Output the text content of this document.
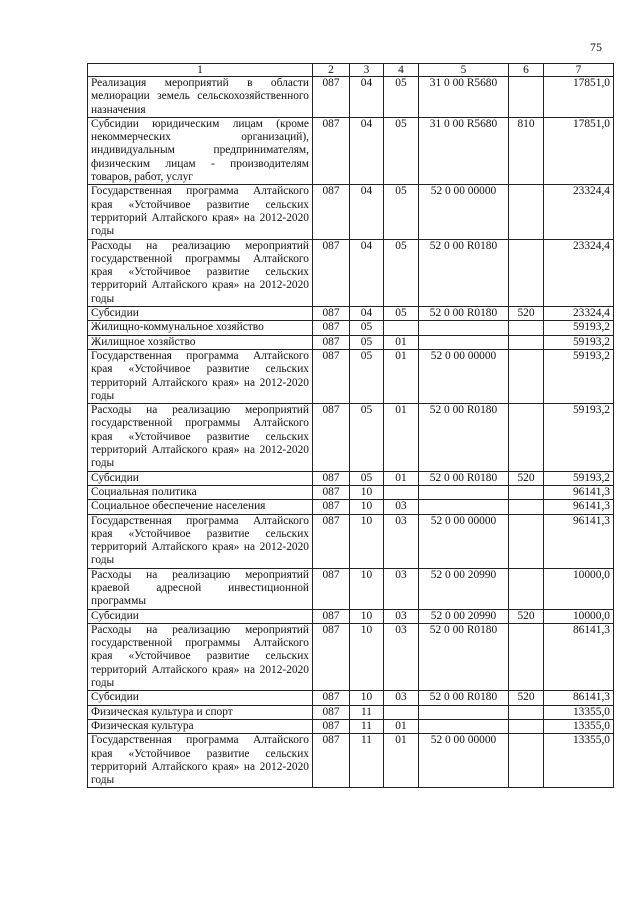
75
1	2	3	4	5	6	7
Реализация мероприятий в области мелиорации земель сельскохозяйственного назначения	087	04	05	31 0 00 R5680		17851,0
Субсидии юридическим лицам (кроме некоммерческих организаций), индивидуальным предпринимателям, физическим лицам - производителям товаров, работ, услуг	087	04	05	31 0 00 R5680	810	17851,0
Государственная программа Алтайского края «Устойчивое развитие сельских территорий Алтайского края» на 2012-2020 годы	087	04	05	52 0 00 00000		23324,4
Расходы на реализацию мероприятий государственной программы Алтайского края «Устойчивое развитие сельских территорий Алтайского края» на 2012-2020 годы	087	04	05	52 0 00 R0180		23324,4
Субсидии	087	04	05	52 0 00 R0180	520	23324,4
Жилищно-коммунальное хозяйство	087	05				59193,2
Жилищное хозяйство	087	05	01			59193,2
Государственная программа Алтайского края «Устойчивое развитие сельских территорий Алтайского края» на 2012-2020 годы	087	05	01	52 0 00 00000		59193,2
Расходы на реализацию мероприятий государственной программы Алтайского края «Устойчивое развитие сельских территорий Алтайского края» на 2012-2020 годы	087	05	01	52 0 00 R0180		59193,2
Субсидии	087	05	01	52 0 00 R0180	520	59193,2
Социальная политика	087	10				96141,3
Социальное обеспечение населения	087	10	03			96141,3
Государственная программа Алтайского края «Устойчивое развитие сельских территорий Алтайского края» на 2012-2020 годы	087	10	03	52 0 00 00000		96141,3
Расходы на реализацию мероприятий краевой адресной инвестиционной программы	087	10	03	52 0 00 20990		10000,0
Субсидии	087	10	03	52 0 00 20990	520	10000,0
Расходы на реализацию мероприятий государственной программы Алтайского края «Устойчивое развитие сельских территорий Алтайского края» на 2012-2020 годы	087	10	03	52 0 00 R0180		86141,3
Субсидии	087	10	03	52 0 00 R0180	520	86141,3
Физическая культура и спорт	087	11				13355,0
Физическая культура	087	11	01			13355,0
Государственная программа Алтайского края «Устойчивое развитие сельских территорий Алтайского края» на 2012-2020 годы	087	11	01	52 0 00 00000		13355,0
